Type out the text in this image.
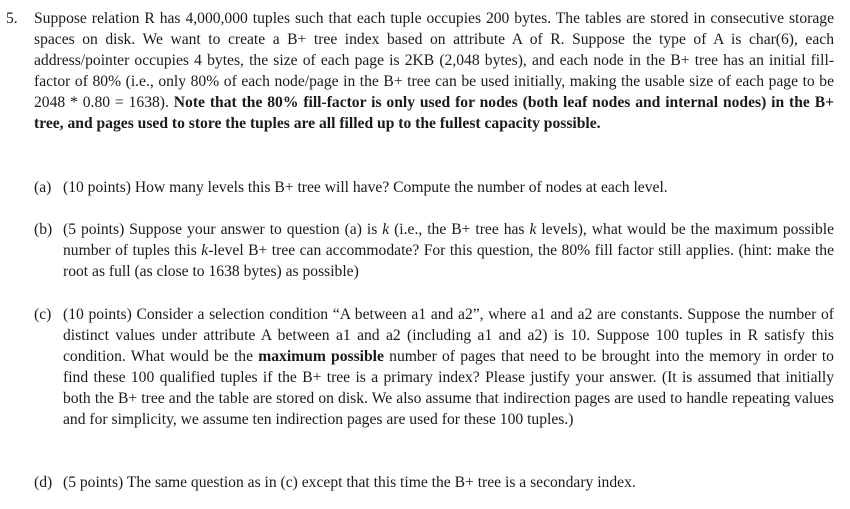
5. Suppose relation R has 4,000,000 tuples such that each tuple occupies 200 bytes. The tables are stored in consecutive storage spaces on disk. We want to create a B+ tree index based on attribute A of R. Suppose the type of A is char(6), each address/pointer occupies 4 bytes, the size of each page is 2KB (2,048 bytes), and each node in the B+ tree has an initial fill-factor of 80% (i.e., only 80% of each node/page in the B+ tree can be used initially, making the usable size of each page to be 2048 * 0.80 = 1638). Note that the 80% fill-factor is only used for nodes (both leaf nodes and internal nodes) in the B+ tree, and pages used to store the tuples are all filled up to the fullest capacity possible.

(a) (10 points) How many levels this B+ tree will have? Compute the number of nodes at each level.

(b) (5 points) Suppose your answer to question (a) is k (i.e., the B+ tree has k levels), what would be the maximum possible number of tuples this k-level B+ tree can accommodate? For this question, the 80% fill factor still applies. (hint: make the root as full (as close to 1638 bytes) as possible)

(c) (10 points) Consider a selection condition “A between a1 and a2”, where a1 and a2 are constants. Suppose the number of distinct values under attribute A between a1 and a2 (including a1 and a2) is 10. Suppose 100 tuples in R satisfy this condition. What would be the maximum possible number of pages that need to be brought into the memory in order to find these 100 qualified tuples if the B+ tree is a primary index? Please justify your answer. (It is assumed that initially both the B+ tree and the table are stored on disk. We also assume that indirection pages are used to handle repeating values and for simplicity, we assume ten indirection pages are used for these 100 tuples.)

(d) (5 points) The same question as in (c) except that this time the B+ tree is a secondary index.
